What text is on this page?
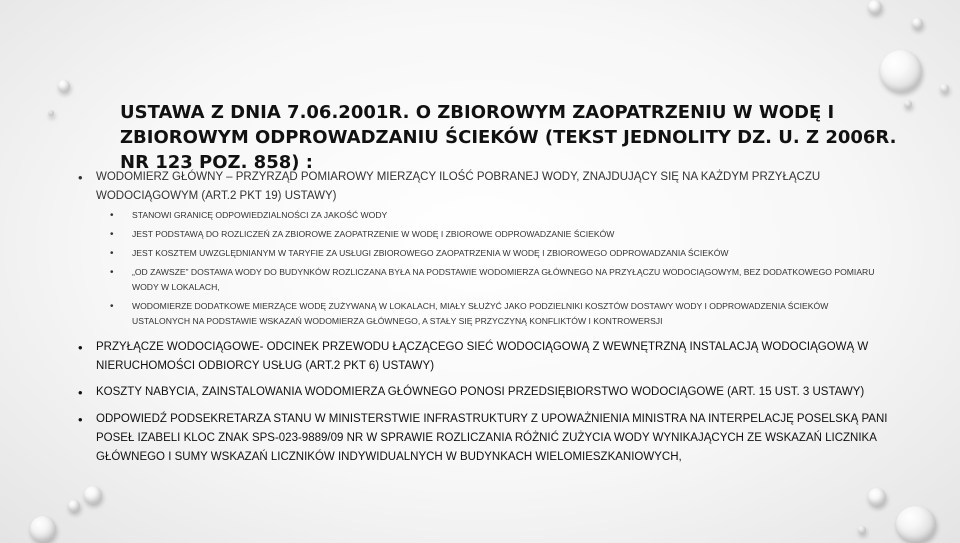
USTAWA Z DNIA 7.06.2001R. O ZBIOROWYM ZAOPATRZENIU W WODĘ I ZBIOROWYM ODPROWADZANIU ŚCIEKÓW (TEKST JEDNOLITY DZ. U. Z 2006R. NR 123 POZ. 858) :
• WODOMIERZ GŁÓWNY – PRZYRZĄD POMIAROWY MIERZĄCY ILOŚĆ POBRANEJ WODY, ZNAJDUJĄCY SIĘ NA KAŻDYM PRZYŁĄCZU WODOCIĄGOWYM (ART.2 PKT 19) USTAWY)
• STANOWI GRANICĘ ODPOWIEDZIALNOŚCI ZA JAKOŚĆ WODY
• JEST PODSTAWĄ DO ROZLICZEŃ ZA ZBIOROWE ZAOPATRZENIE W WODĘ I ZBIOROWE ODPROWADZANIE ŚCIEKÓW
• JEST KOSZTEM UWZGLĘDNIANYM W TARYFIE ZA USŁUGI ZBIOROWEGO ZAOPATRZENIA W WODĘ I ZBIOROWEGO ODPROWADZANIA ŚCIEKÓW
• „OD ZAWSZE” DOSTAWA WODY DO BUDYNKÓW ROZLICZANA BYŁA NA PODSTAWIE WODOMIERZA GŁÓWNEGO NA PRZYŁĄCZU WODOCIĄGOWYM, BEZ DODATKOWEGO POMIARU WODY W LOKALACH,
• WODOMIERZE DODATKOWE MIERZĄCE WODĘ ZUŻYWANĄ W LOKALACH, MIAŁY SŁUŻYĆ JAKO PODZIELNIKI KOSZTÓW DOSTAWY WODY I ODPROWADZENIA ŚCIEKÓW USTALONYCH NA PODSTAWIE WSKAZAŃ WODOMIERZA GŁÓWNEGO, A STAŁY SIĘ PRZYCZYNĄ KONFLIKTÓW I KONTROWERSJI
• PRZYŁĄCZE WODOCIĄGOWE- ODCINEK PRZEWODU ŁĄCZĄCEGO SIEĆ WODOCIĄGOWĄ Z WEWNĘTRZNĄ INSTALACJĄ WODOCIĄGOWĄ W NIERUCHOMOŚCI ODBIORCY USŁUG (ART.2 PKT 6) USTAWY)
• KOSZTY NABYCIA, ZAINSTALOWANIA WODOMIERZA GŁÓWNEGO PONOSI PRZEDSIĘBIORSTWO WODOCIĄGOWE (ART. 15 UST. 3 USTAWY)
• ODPOWIEDŹ PODSEKRETARZA STANU W MINISTERSTWIE INFRASTRUKTURY Z UPOWAŻNIENIA MINISTRA NA INTERPELACJĘ POSELSKĄ PANI POSEŁ IZABELI KLOC ZNAK SPS-023-9889/09 NR W SPRAWIE ROZLICZANIA RÓŻNIĆ ZUŻYCIA WODY WYNIKAJĄCYCH ZE WSKAZAŃ LICZNIKA GŁÓWNEGO I SUMY WSKAZAŃ LICZNIKÓW INDYWIDUALNYCH W BUDYNKACH WIELOMIESZKANIOWYCH,
